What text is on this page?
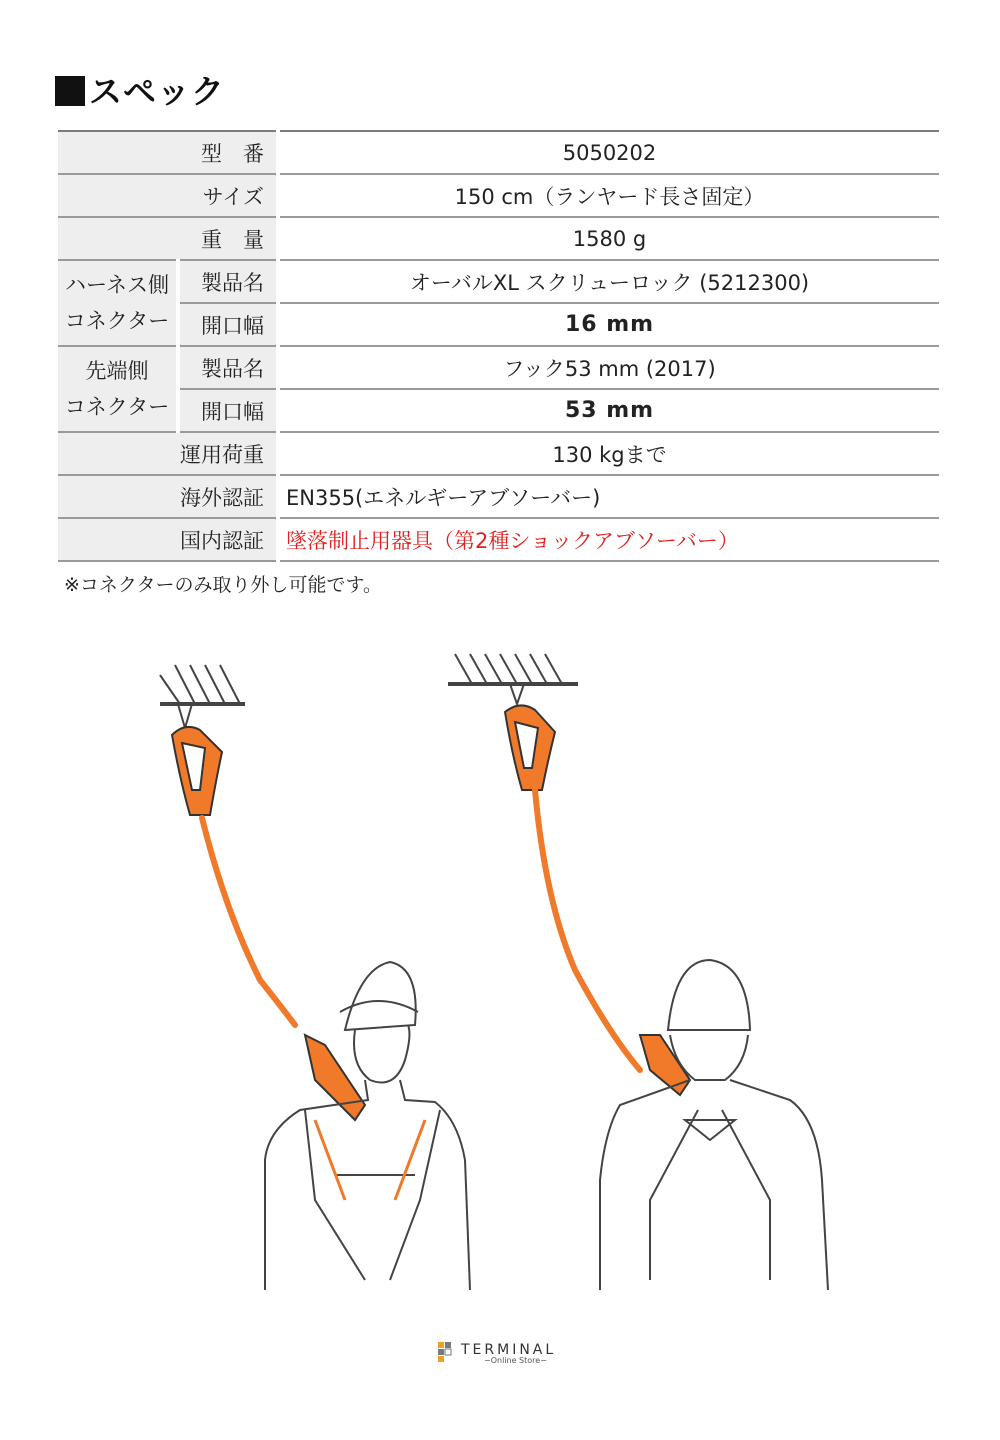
スペック
型　番		5050202
サイズ		150 cm（ランヤード長さ固定）
重　量		1580 g

ハーネス側
コネクター	製品名	オーバルXL スクリューロック (5212300)
	開口幅	16 mm

先端側
コネクター	製品名	フック53 mm (2017)
	開口幅	53 mm
運用荷重		130 kgまで
海外認証		EN355(エネルギーアブソーバー)
国内認証		墜落制止用器具（第2種ショックアブソーバー）
※コネクターのみ取り外し可能です。
TERMINAL
−Online Store−
